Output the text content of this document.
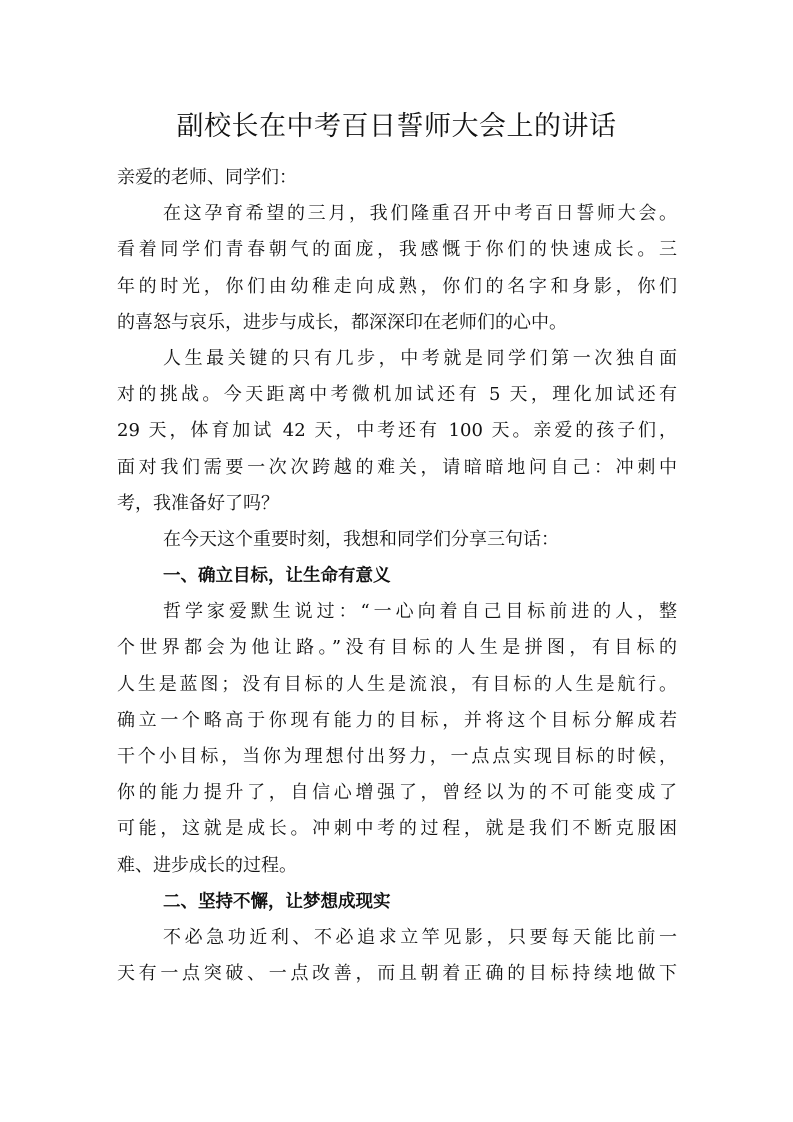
副校长在中考百日誓师大会上的讲话
亲爱的老师、同学们：
在这孕育希望的三月，我们隆重召开中考百日誓师大会。
看着同学们青春朝气的面庞，我感慨于你们的快速成长。三
年的时光，你们由幼稚走向成熟，你们的名字和身影，你们
的喜怒与哀乐，进步与成长，都深深印在老师们的心中。
人生最关键的只有几步，中考就是同学们第一次独自面
对的挑战。今天距离中考微机加试还有 5 天，理化加试还有
29 天，体育加试 42 天，中考还有 100 天。亲爱的孩子们，
面对我们需要一次次跨越的难关，请暗暗地问自己：冲刺中
考，我准备好了吗？
在今天这个重要时刻，我想和同学们分享三句话：
一、确立目标，让生命有意义
哲学家爱默生说过：“一心向着自己目标前进的人，整
个世界都会为他让路。”没有目标的人生是拼图，有目标的
人生是蓝图；没有目标的人生是流浪，有目标的人生是航行。
确立一个略高于你现有能力的目标，并将这个目标分解成若
干个小目标，当你为理想付出努力，一点点实现目标的时候，
你的能力提升了，自信心增强了，曾经以为的不可能变成了
可能，这就是成长。冲刺中考的过程，就是我们不断克服困
难、进步成长的过程。
二、坚持不懈，让梦想成现实
不必急功近利、不必追求立竿见影，只要每天能比前一
天有一点突破、一点改善，而且朝着正确的目标持续地做下
